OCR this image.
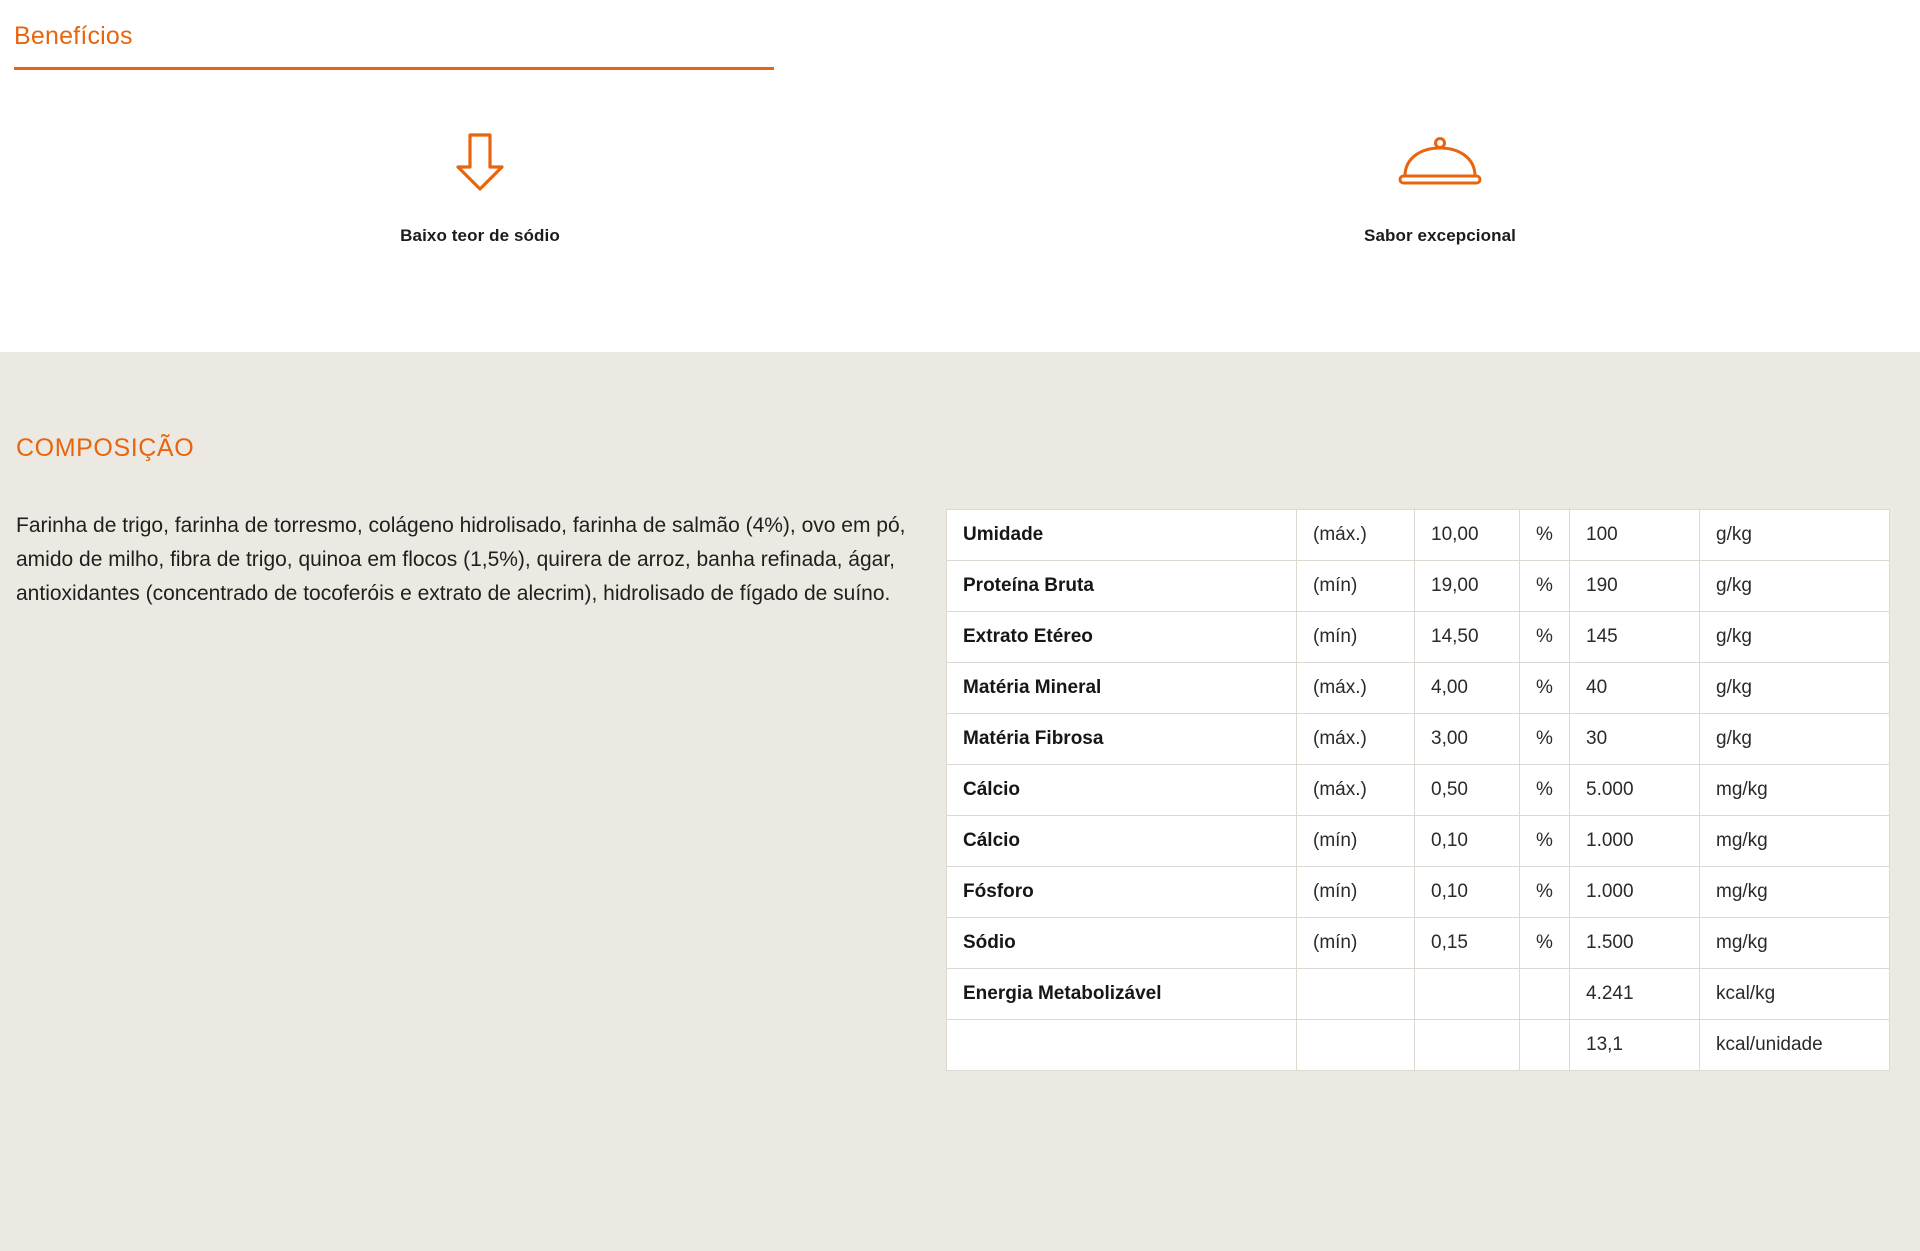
Benefícios
Baixo teor de sódio	Sabor excepcional
COMPOSIÇÃO
Farinha de trigo, farinha de torresmo, colágeno hidrolisado, farinha de salmão (4%), ovo em pó, amido de milho, fibra de trigo, quinoa em flocos (1,5%), quirera de arroz, banha refinada, ágar, antioxidantes (concentrado de tocoferóis e extrato de alecrim), hidrolisado de fígado de suíno.
Umidade	(máx.)	10,00	%	100	g/kg
Proteína Bruta	(mín)	19,00	%	190	g/kg
Extrato Etéreo	(mín)	14,50	%	145	g/kg
Matéria Mineral	(máx.)	4,00	%	40	g/kg
Matéria Fibrosa	(máx.)	3,00	%	30	g/kg
Cálcio	(máx.)	0,50	%	5.000	mg/kg
Cálcio	(mín)	0,10	%	1.000	mg/kg
Fósforo	(mín)	0,10	%	1.000	mg/kg
Sódio	(mín)	0,15	%	1.500	mg/kg
Energia Metabolizável				4.241	kcal/kg
				13,1	kcal/unidade
